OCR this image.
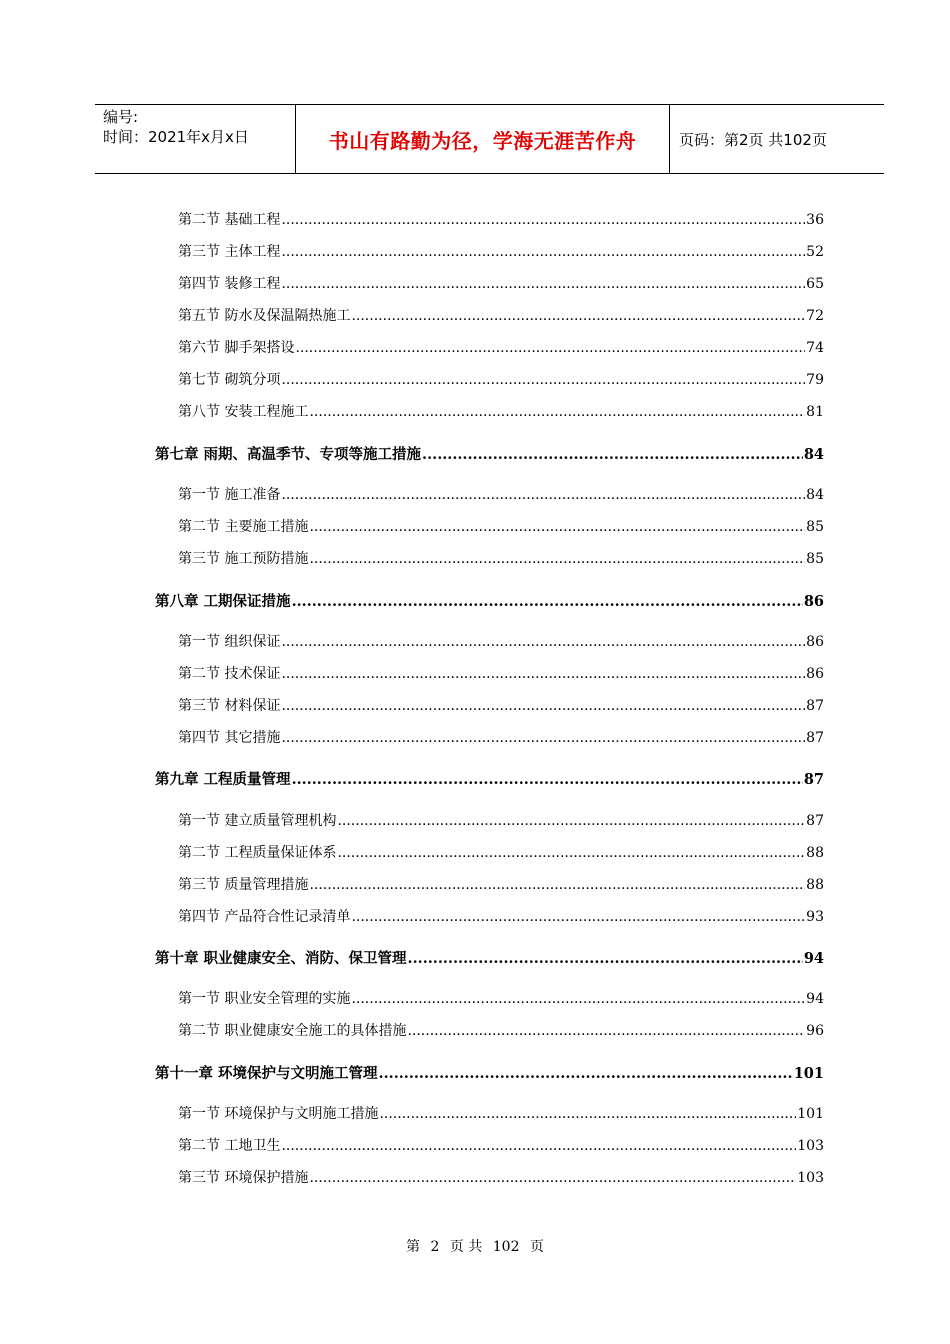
编号:
时间：2021年x月x日	书山有路勤为径，学海无涯苦作舟	页码：第2页 共102页
第二节 基础工程 .....	36
第三节 主体工程 .....	52
第四节 装修工程 .....	65
第五节 防水及保温隔热施工 .....	72
第六节 脚手架搭设 .....	74
第七节 砌筑分项 .....	79
第八节 安装工程施工 .....	81
第七章 雨期、高温季节、专项等施工措施 .....	84
第一节 施工准备 .....	84
第二节 主要施工措施 .....	85
第三节 施工预防措施 .....	85
第八章 工期保证措施 .....	86
第一节 组织保证 .....	86
第二节 技术保证 .....	86
第三节 材料保证 .....	87
第四节 其它措施 .....	87
第九章 工程质量管理 .....	87
第一节 建立质量管理机构 .....	87
第二节 工程质量保证体系 .....	88
第三节 质量管理措施 .....	88
第四节 产品符合性记录清单 .....	93
第十章 职业健康安全、消防、保卫管理 .....	94
第一节 职业安全管理的实施 .....	94
第二节 职业健康安全施工的具体措施 .....	96
第十一章 环境保护与文明施工管理 .....	101
第一节 环境保护与文明施工措施 .....	101
第二节 工地卫生 .....	103
第三节 环境保护措施 .....	103
第 2 页 共 102 页
